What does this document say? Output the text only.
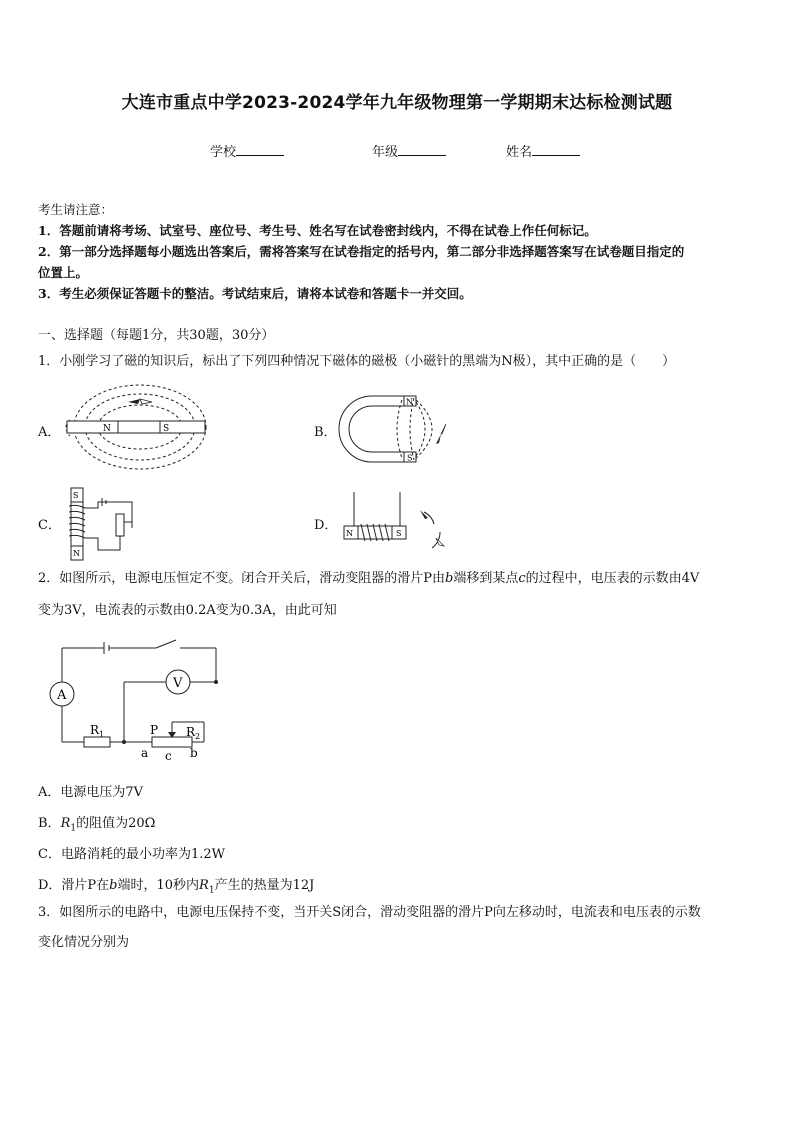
大连市重点中学2023-2024学年九年级物理第一学期期末达标检测试题
学校	年级	姓名
考生请注意：
1．答题前请将考场、试室号、座位号、考生号、姓名写在试卷密封线内，不得在试卷上作任何标记。
2．第一部分选择题每小题选出答案后，需将答案写在试卷指定的括号内，第二部分非选择题答案写在试卷题目指定的
位置上。
3．考生必须保证答题卡的整洁。考试结束后，请将本试卷和答题卡一并交回。
一、选择题（每题1分，共30题，30分）
1．小刚学习了磁的知识后，标出了下列四种情况下磁体的磁极（小磁针的黑端为N极），其中正确的是（　　）
A．	B．
C．	D．
N	S
N
S
S
N
N	S
2．如图所示，电源电压恒定不变。闭合开关后，滑动变阻器的滑片P由b端移到某点c的过程中，电压表的示数由4V
变为3V，电流表的示数由0.2A变为0.3A，由此可知
A
V
R 1	P R 2
a c b
A．电源电压为7V
B．$R_1$的阻值为20Ω
C．电路消耗的最小功率为1.2W
D．滑片P在b端时，10秒内$R_1$产生的热量为12J
3．如图所示的电路中，电源电压保持不变，当开关S闭合，滑动变阻器的滑片P向左移动时，电流表和电压表的示数
变化情况分别为
